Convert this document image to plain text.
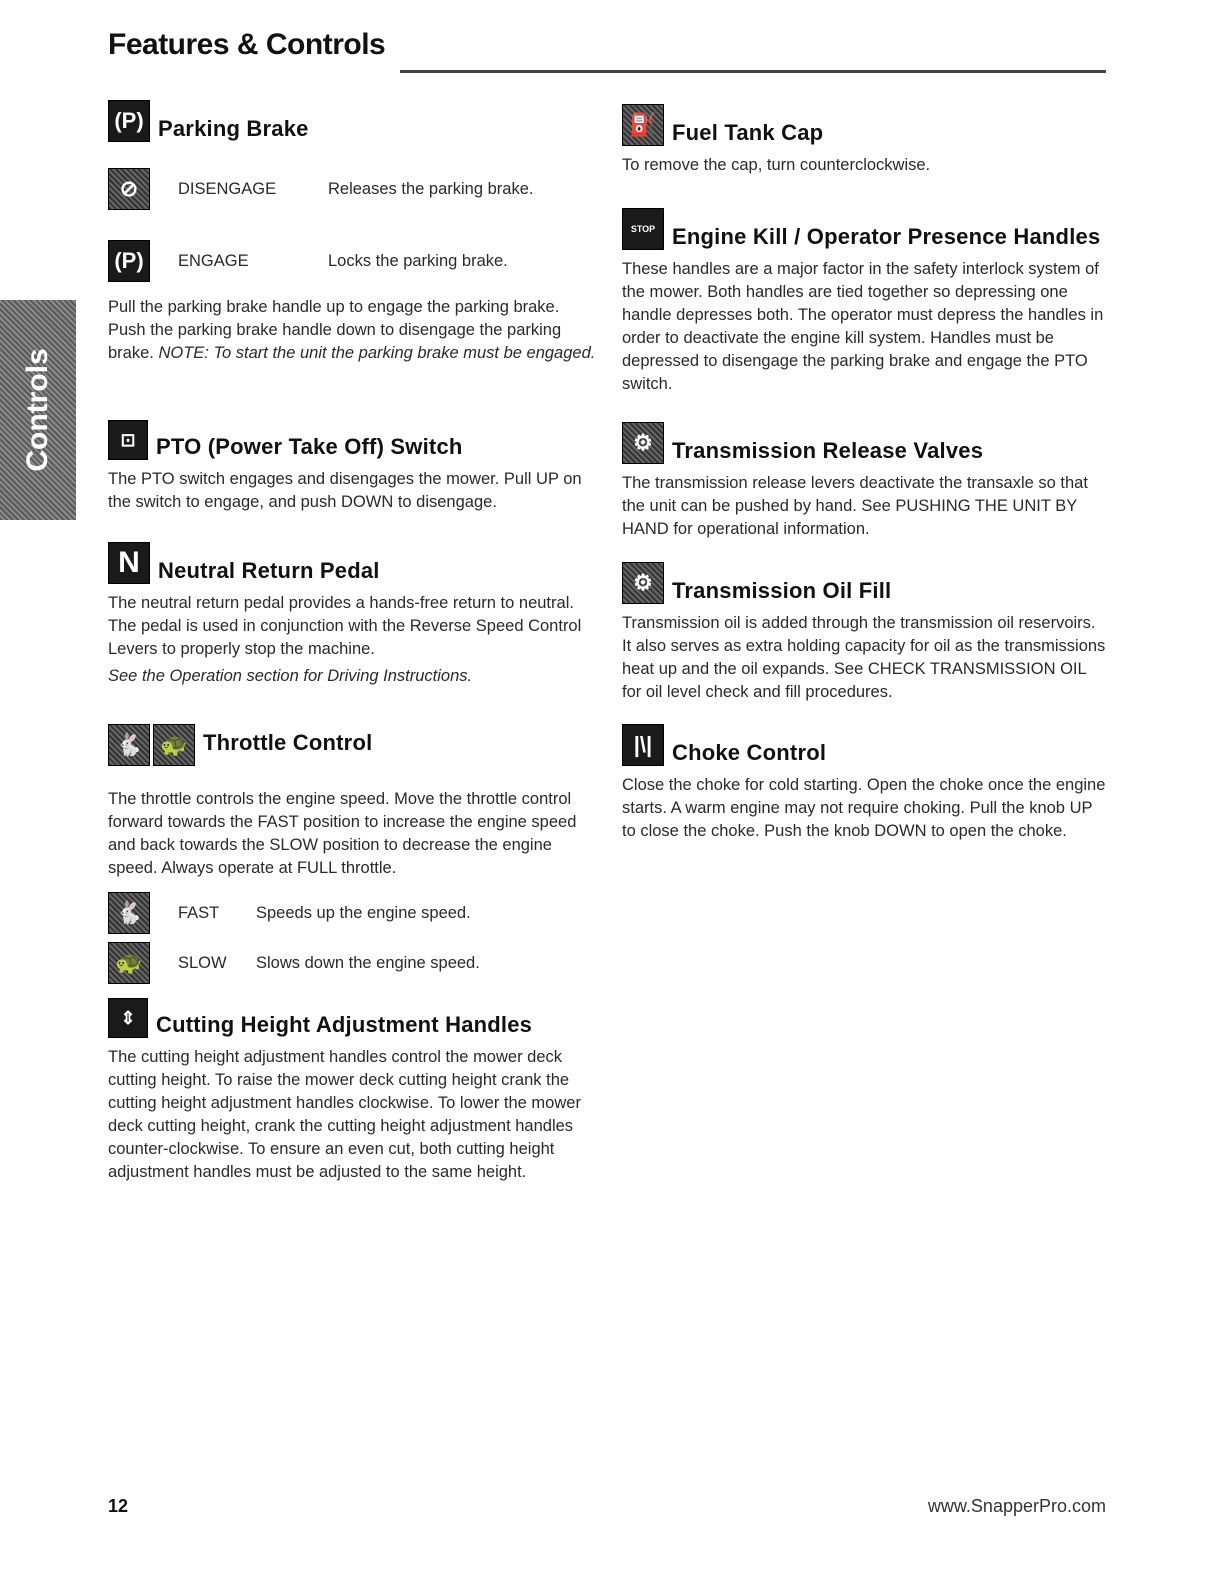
Features & Controls
Controls
(P) Parking Brake
⊘	DISENGAGE	Releases the parking brake.
(P)	ENGAGE	Locks the parking brake.
Pull the parking brake handle up to engage the parking brake. Push the parking brake handle down to disengage the parking brake. NOTE: To start the unit the parking brake must be engaged.
⊡ PTO (Power Take Off) Switch
The PTO switch engages and disengages the mower. Pull UP on the switch to engage, and push DOWN to disengage.
N Neutral Return Pedal
The neutral return pedal provides a hands-free return to neutral. The pedal is used in conjunction with the Reverse Speed Control Levers to properly stop the machine.
See the Operation section for Driving Instructions.
🐇 🐢 Throttle Control
The throttle controls the engine speed. Move the throttle control forward towards the FAST position to increase the engine speed and back towards the SLOW position to decrease the engine speed. Always operate at FULL throttle.
🐇	FAST	Speeds up the engine speed.
🐢	SLOW	Slows down the engine speed.
⇕ Cutting Height Adjustment Handles
The cutting height adjustment handles control the mower deck cutting height. To raise the mower deck cutting height crank the cutting height adjustment handles clockwise. To lower the mower deck cutting height, crank the cutting height adjustment handles counter-clockwise. To ensure an even cut, both cutting height adjustment handles must be adjusted to the same height.
⛽ Fuel Tank Cap
To remove the cap, turn counterclockwise.
STOP Engine Kill / Operator Presence Handles
These handles are a major factor in the safety interlock system of the mower. Both handles are tied together so depressing one handle depresses both. The operator must depress the handles in order to deactivate the engine kill system. Handles must be depressed to disengage the parking brake and engage the PTO switch.
⚙ Transmission Release Valves
The transmission release levers deactivate the transaxle so that the unit can be pushed by hand. See PUSHING THE UNIT BY HAND for operational information.
⚙ Transmission Oil Fill
Transmission oil is added through the transmission oil reservoirs. It also serves as extra holding capacity for oil as the transmissions heat up and the oil expands. See CHECK TRANSMISSION OIL for oil level check and fill procedures.
|\| Choke Control
Close the choke for cold starting. Open the choke once the engine starts. A warm engine may not require choking. Pull the knob UP to close the choke. Push the knob DOWN to open the choke.
12	www.SnapperPro.com
